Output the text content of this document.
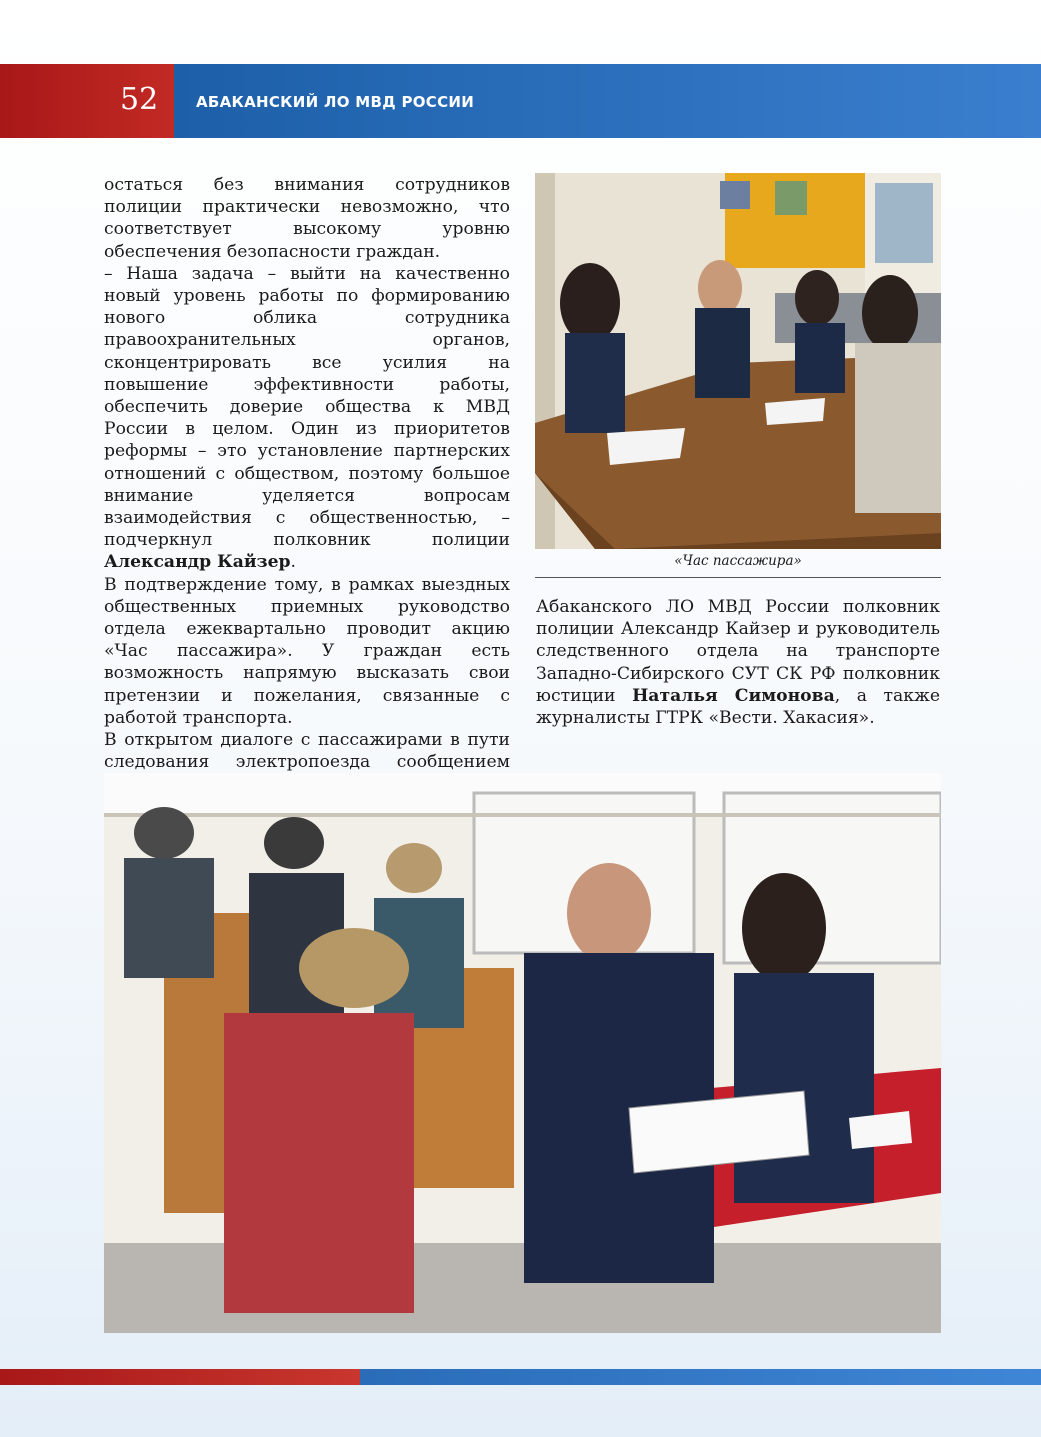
52	АБАКАНСКИЙ ЛО МВД РОССИИ

остаться без внимания сотрудников полиции практически невозможно, что соответствует высокому уровню обеспечения безопасности граждан.

– Наша задача – выйти на качественно новый уровень работы по формированию нового облика сотрудника правоохранительных органов, сконцентрировать все усилия на повышение эффективности работы, обеспечить доверие общества к МВД России в целом. Один из приоритетов реформы – это установление партнерских отношений с обществом, поэтому большое внимание уделяется вопросам взаимодействия с общественностью, – подчеркнул полковник полиции Александр Кайзер.

В подтверждение тому, в рамках выездных общественных приемных руководство отдела ежеквартально проводит акцию «Час пассажира». У граждан есть возможность напрямую высказать свои претензии и пожелания, связанные с работой транспорта.

В открытом диалоге с пассажирами в пути следования электропоезда сообщением

«Час пассажира»

Абаканского ЛО МВД России полковник полиции Александр Кайзер и руководитель следственного отдела на транспорте Западно-Сибирского СУТ СК РФ полковник юстиции Наталья Симонова, а также журналисты ГТРК «Вести. Хакасия».
